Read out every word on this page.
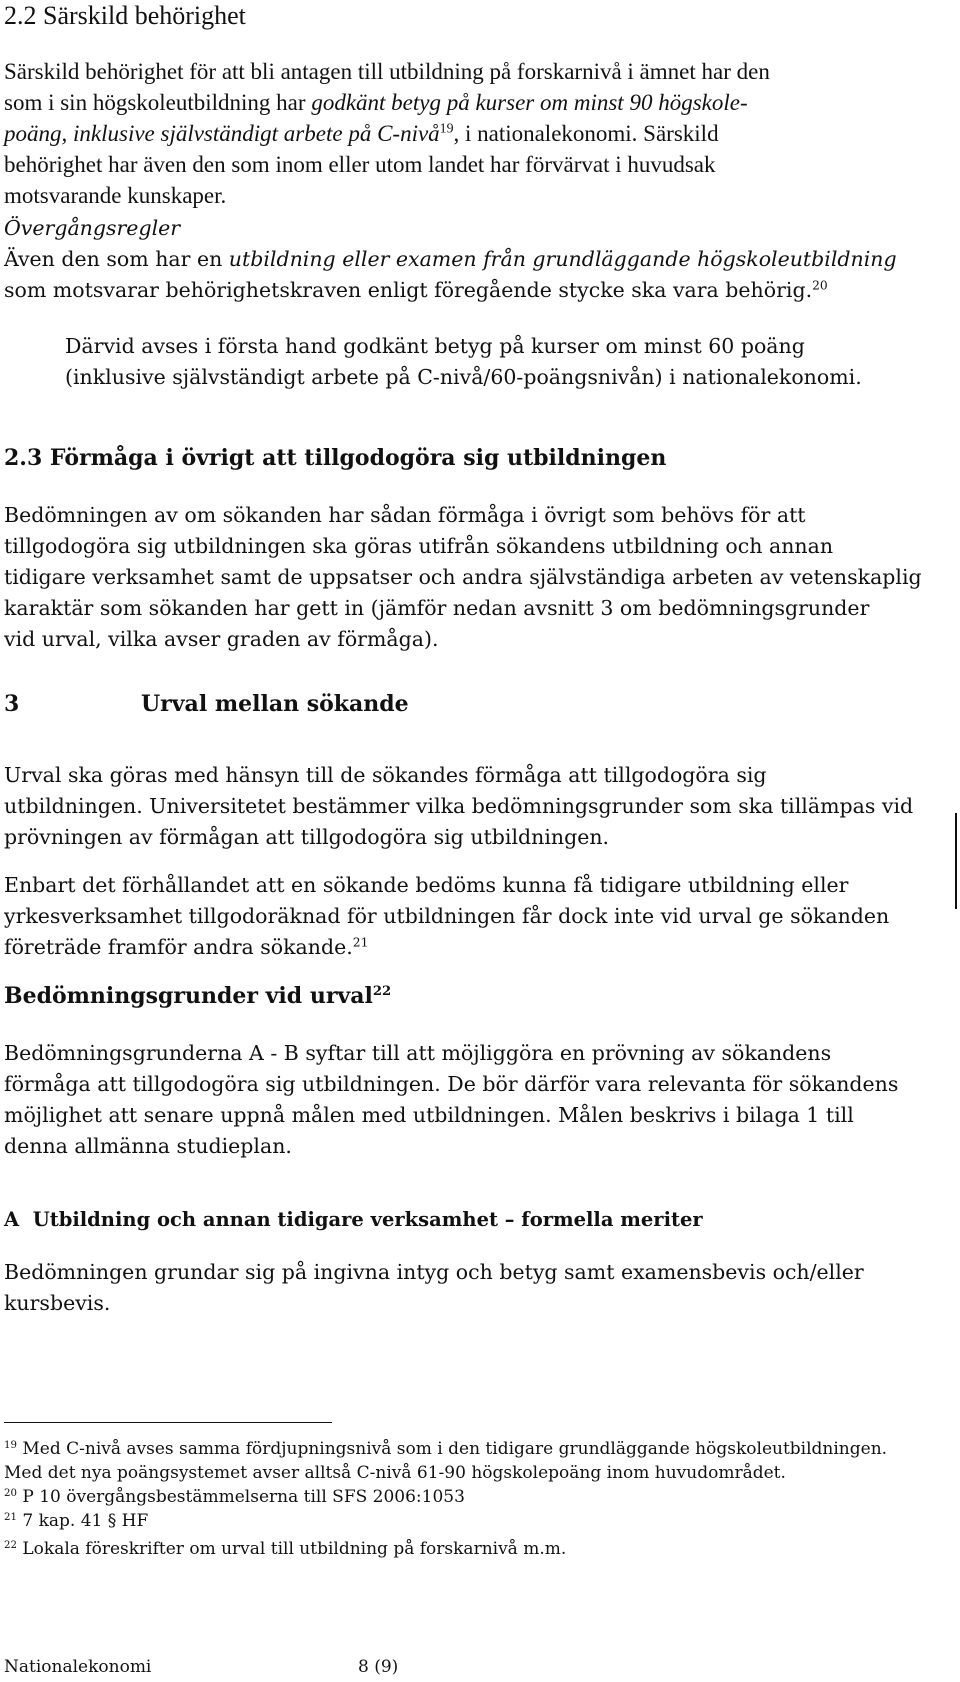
2.2 Särskild behörighet
Särskild behörighet för att bli antagen till utbildning på forskarnivå i ämnet har den
som i sin högskoleutbildning har godkänt betyg på kurser om minst 90 högskole-
poäng, inklusive självständigt arbete på C-nivå$^{19}$, i nationalekonomi. Särskild
behörighet har även den som inom eller utom landet har förvärvat i huvudsak
motsvarande kunskaper.
Övergångsregler
Även den som har en utbildning eller examen från grundläggande högskoleutbildning
som motsvarar behörighetskraven enligt föregående stycke ska vara behörig.$^{20}$
Därvid avses i första hand godkänt betyg på kurser om minst 60 poäng
(inklusive självständigt arbete på C-nivå/60-poängsnivån) i nationalekonomi.
2.3 Förmåga i övrigt att tillgodogöra sig utbildningen
Bedömningen av om sökanden har sådan förmåga i övrigt som behövs för att
tillgodogöra sig utbildningen ska göras utifrån sökandens utbildning och annan
tidigare verksamhet samt de uppsatser och andra självständiga arbeten av vetenskaplig
karaktär som sökanden har gett in (jämför nedan avsnitt 3 om bedömningsgrunder
vid urval, vilka avser graden av förmåga).
3	Urval mellan sökande
Urval ska göras med hänsyn till de sökandes förmåga att tillgodogöra sig
utbildningen. Universitetet bestämmer vilka bedömningsgrunder som ska tillämpas vid
prövningen av förmågan att tillgodogöra sig utbildningen.
Enbart det förhållandet att en sökande bedöms kunna få tidigare utbildning eller
yrkesverksamhet tillgodoräknad för utbildningen får dock inte vid urval ge sökanden
företräde framför andra sökande.$^{21}$
Bedömningsgrunder vid urval$^{22}$
Bedömningsgrunderna A - B syftar till att möjliggöra en prövning av sökandens
förmåga att tillgodogöra sig utbildningen. De bör därför vara relevanta för sökandens
möjlighet att senare uppnå målen med utbildningen. Målen beskrivs i bilaga 1 till
denna allmänna studieplan.
A  Utbildning och annan tidigare verksamhet – formella meriter
Bedömningen grundar sig på ingivna intyg och betyg samt examensbevis och/eller
kursbevis.
$^{19}$ Med C-nivå avses samma fördjupningsnivå som i den tidigare grundläggande högskoleutbildningen.
Med det nya poängsystemet avser alltså C-nivå 61-90 högskolepoäng inom huvudområdet.
$^{20}$ P 10 övergångsbestämmelserna till SFS 2006:1053
$^{21}$ 7 kap. 41 § HF
$^{22}$ Lokala föreskrifter om urval till utbildning på forskarnivå m.m.
Nationalekonomi	8 (9)
